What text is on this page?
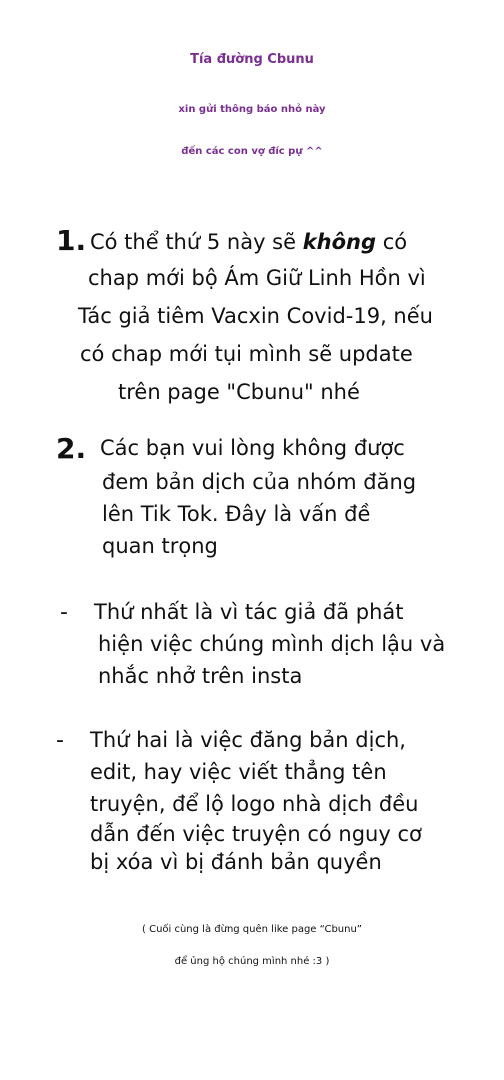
Tía đường Cbunu
xin gửi thông báo nhỏ này
đến các con vợ đíc pự ^^
1. Có thể thứ 5 này sẽ không có
chap mới bộ Ám Giữ Linh Hồn vì
Tác giả tiêm Vacxin Covid-19, nếu
có chap mới tụi mình sẽ update
trên page "Cbunu" nhé
2. Các bạn vui lòng không được
đem bản dịch của nhóm đăng
lên Tik Tok. Đây là vấn đề
quan trọng
- Thứ nhất là vì tác giả đã phát
hiện việc chúng mình dịch lậu và
nhắc nhở trên insta
- Thứ hai là việc đăng bản dịch,
edit, hay việc viết thẳng tên
truyện, để lộ logo nhà dịch đều
dẫn đến việc truyện có nguy cơ
bị xóa vì bị đánh bản quyền
( Cuối cùng là đừng quên like page “Cbunu”
để ủng hộ chúng mình nhé :3 )
